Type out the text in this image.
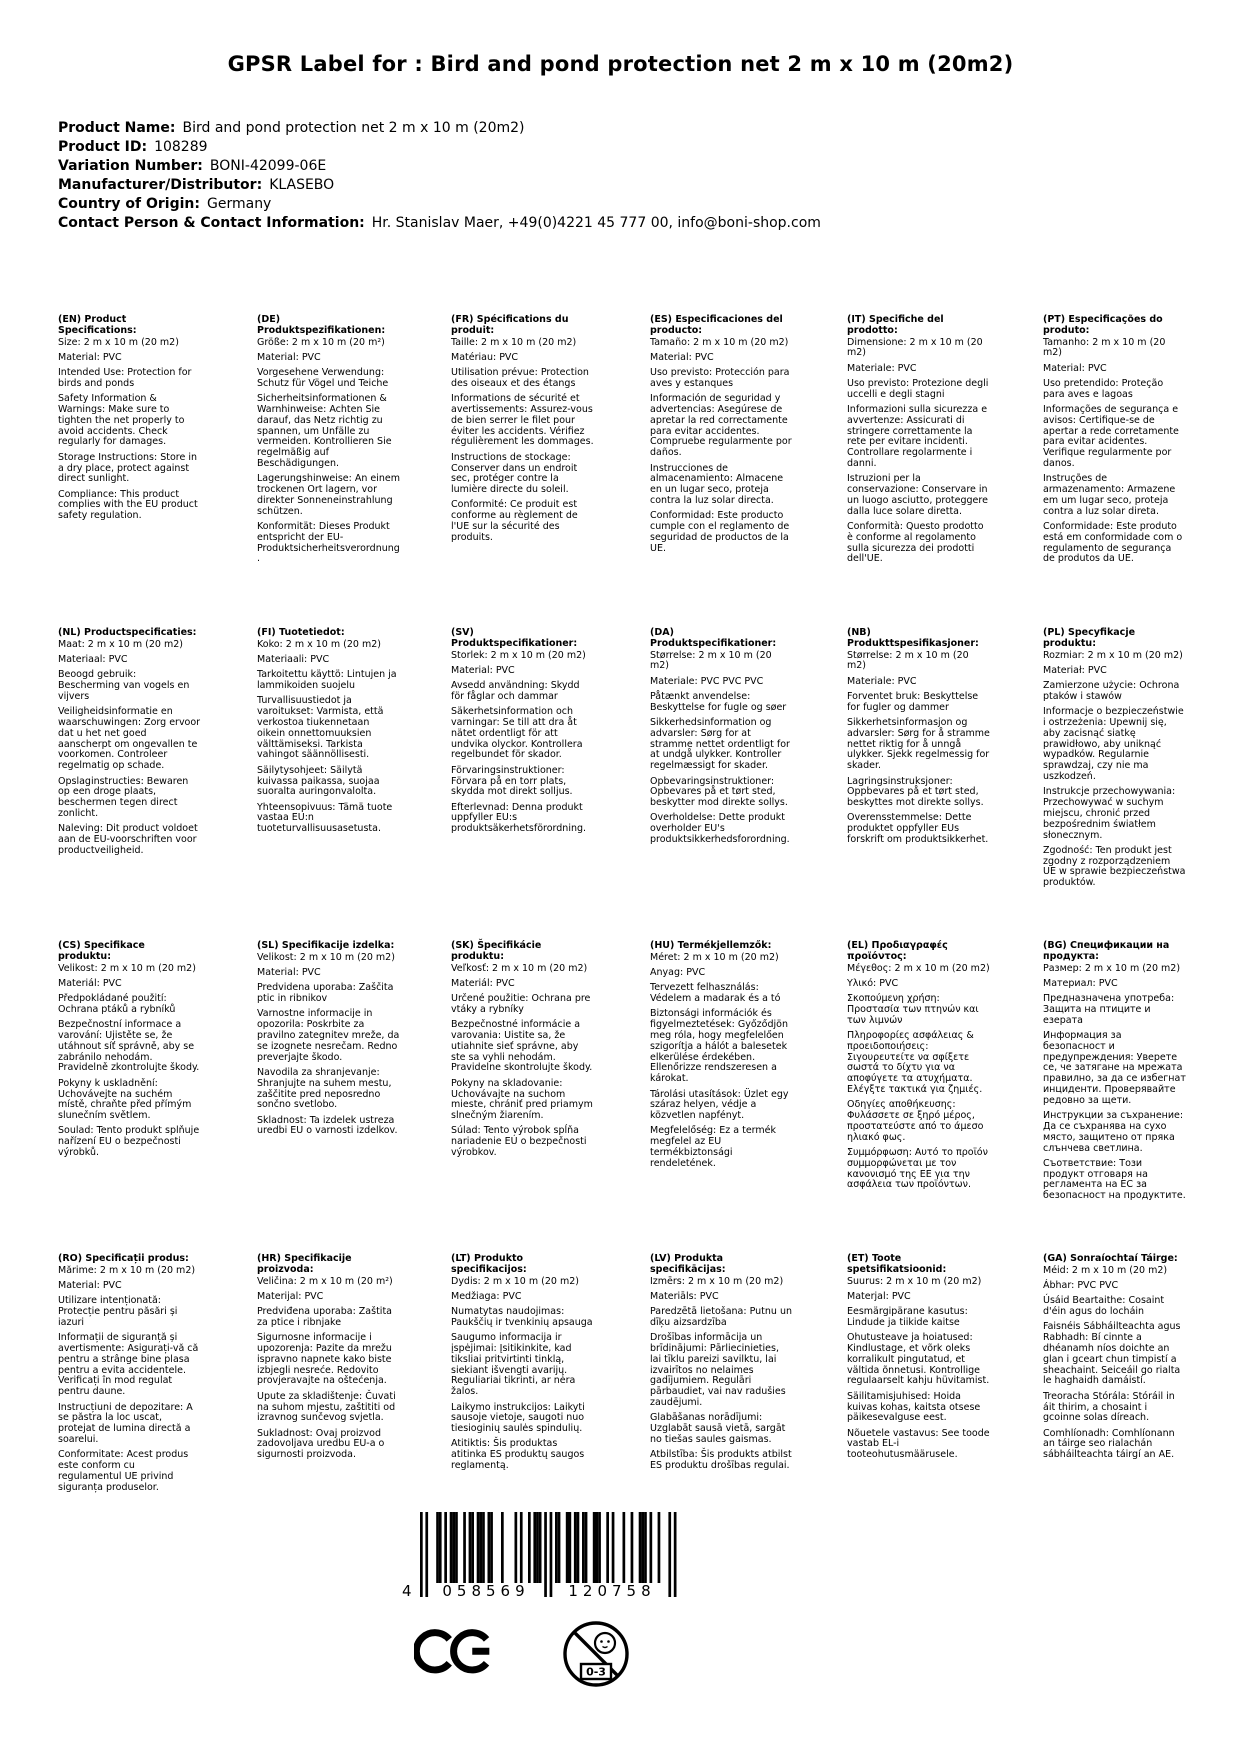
GPSR Label for : Bird and pond protection net 2 m x 10 m (20m2)
Product Name: Bird and pond protection net 2 m x 10 m (20m2)
Product ID: 108289
Variation Number: BONI-42099-06E
Manufacturer/Distributor: KLASEBO
Country of Origin: Germany
Contact Person & Contact Information: Hr. Stanislav Maer, +49(0)4221 45 777 00, info@boni-shop.com
(EN) Product Specifications:

Size: 2 m x 10 m (20 m2)

Material: PVC

Intended Use: Protection for birds and ponds

Safety Information & Warnings: Make sure to tighten the net properly to avoid accidents. Check regularly for damages.

Storage Instructions: Store in a dry place, protect against direct sunlight.

Compliance: This product complies with the EU product safety regulation.

(DE) Produktspezifikationen:

Größe: 2 m x 10 m (20 m²)

Material: PVC

Vorgesehene Verwendung: Schutz für Vögel und Teiche

Sicherheitsinformationen & Warnhinweise: Achten Sie darauf, das Netz richtig zu spannen, um Unfälle zu vermeiden. Kontrollieren Sie regelmäßig auf Beschädigungen.

Lagerungshinweise: An einem trockenen Ort lagern, vor direkter Sonneneinstrahlung schützen.

Konformität: Dieses Produkt entspricht der EU-Produktsicherheitsverordnung.

(FR) Spécifications du produit:

Taille: 2 m x 10 m (20 m2)

Matériau: PVC

Utilisation prévue: Protection des oiseaux et des étangs

Informations de sécurité et avertissements: Assurez-vous de bien serrer le filet pour éviter les accidents. Vérifiez régulièrement les dommages.

Instructions de stockage: Conserver dans un endroit sec, protéger contre la lumière directe du soleil.

Conformité: Ce produit est conforme au règlement de l'UE sur la sécurité des produits.

(ES) Especificaciones del producto:

Tamaño: 2 m x 10 m (20 m2)

Material: PVC

Uso previsto: Protección para aves y estanques

Información de seguridad y advertencias: Asegúrese de apretar la red correctamente para evitar accidentes. Compruebe regularmente por daños.

Instrucciones de almacenamiento: Almacene en un lugar seco, proteja contra la luz solar directa.

Conformidad: Este producto cumple con el reglamento de seguridad de productos de la UE.

(IT) Specifiche del prodotto:

Dimensione: 2 m x 10 m (20 m2)

Materiale: PVC

Uso previsto: Protezione degli uccelli e degli stagni

Informazioni sulla sicurezza e avvertenze: Assicurati di stringere correttamente la rete per evitare incidenti. Controllare regolarmente i danni.

Istruzioni per la conservazione: Conservare in un luogo asciutto, proteggere dalla luce solare diretta.

Conformità: Questo prodotto è conforme al regolamento sulla sicurezza dei prodotti dell'UE.

(PT) Especificações do produto:

Tamanho: 2 m x 10 m (20 m2)

Material: PVC

Uso pretendido: Proteção para aves e lagoas

Informações de segurança e avisos: Certifique-se de apertar a rede corretamente para evitar acidentes. Verifique regularmente por danos.

Instruções de armazenamento: Armazene em um lugar seco, proteja contra a luz solar direta.

Conformidade: Este produto está em conformidade com o regulamento de segurança de produtos da UE.

(NL) Productspecificaties:

Maat: 2 m x 10 m (20 m2)

Materiaal: PVC

Beoogd gebruik: Bescherming van vogels en vijvers

Veiligheidsinformatie en waarschuwingen: Zorg ervoor dat u het net goed aanscherpt om ongevallen te voorkomen. Controleer regelmatig op schade.

Opslaginstructies: Bewaren op een droge plaats, beschermen tegen direct zonlicht.

Naleving: Dit product voldoet aan de EU-voorschriften voor productveiligheid.

(FI) Tuotetiedot:

Koko: 2 m x 10 m (20 m2)

Materiaali: PVC

Tarkoitettu käyttö: Lintujen ja lammikoiden suojelu

Turvallisuustiedot ja varoitukset: Varmista, että verkostoa tiukennetaan oikein onnettomuuksien välttämiseksi. Tarkista vahingot säännöllisesti.

Säilytysohjeet: Säilytä kuivassa paikassa, suojaa suoralta auringonvalolta.

Yhteensopivuus: Tämä tuote vastaa EU:n tuoteturvallisuusasetusta.

(SV) Produktspecifikationer:

Storlek: 2 m x 10 m (20 m2)

Material: PVC

Avsedd användning: Skydd för fåglar och dammar

Säkerhetsinformation och varningar: Se till att dra åt nätet ordentligt för att undvika olyckor. Kontrollera regelbundet för skador.

Förvaringsinstruktioner: Förvara på en torr plats, skydda mot direkt solljus.

Efterlevnad: Denna produkt uppfyller EU:s produktsäkerhetsförordning.

(DA) Produktspecifikationer:

Størrelse: 2 m x 10 m (20 m2)

Materiale: PVC PVC PVC

Påtænkt anvendelse: Beskyttelse for fugle og søer

Sikkerhedsinformation og advarsler: Sørg for at stramme nettet ordentligt for at undgå ulykker. Kontroller regelmæssigt for skader.

Opbevaringsinstruktioner: Opbevares på et tørt sted, beskytter mod direkte sollys.

Overholdelse: Dette produkt overholder EU's produktsikkerhedsforordning.

(NB) Produkttspesifikasjoner:

Størrelse: 2 m x 10 m (20 m2)

Materiale: PVC

Forventet bruk: Beskyttelse for fugler og dammer

Sikkerhetsinformasjon og advarsler: Sørg for å stramme nettet riktig for å unngå ulykker. Sjekk regelmessig for skader.

Lagringsinstruksjoner: Oppbevares på et tørt sted, beskyttes mot direkte sollys.

Overensstemmelse: Dette produktet oppfyller EUs forskrift om produktsikkerhet.

(PL) Specyfikacje produktu:

Rozmiar: 2 m x 10 m (20 m2)

Materiał: PVC

Zamierzone użycie: Ochrona ptaków i stawów

Informacje o bezpieczeństwie i ostrzeżenia: Upewnij się, aby zacisnąć siatkę prawidłowo, aby uniknąć wypadków. Regularnie sprawdzaj, czy nie ma uszkodzeń.

Instrukcje przechowywania: Przechowywać w suchym miejscu, chronić przed bezpośrednim światłem słonecznym.

Zgodność: Ten produkt jest zgodny z rozporządzeniem UE w sprawie bezpieczeństwa produktów.

(CS) Specifikace produktu:

Velikost: 2 m x 10 m (20 m2)

Materiál: PVC

Předpokládané použití: Ochrana ptáků a rybníků

Bezpečnostní informace a varování: Ujistěte se, že utáhnout síť správně, aby se zabránilo nehodám. Pravidelně zkontrolujte škody.

Pokyny k uskladnění: Uchovávejte na suchém místě, chraňte před přímým slunečním světlem.

Soulad: Tento produkt splňuje nařízení EU o bezpečnosti výrobků.

(SL) Specifikacije izdelka:

Velikost: 2 m x 10 m (20 m2)

Material: PVC

Predvidena uporaba: Zaščita ptic in ribnikov

Varnostne informacije in opozorila: Poskrbite za pravilno zategnitev mreže, da se izognete nesrečam. Redno preverjajte škodo.

Navodila za shranjevanje: Shranjujte na suhem mestu, zaščitite pred neposredno sončno svetlobo.

Skladnost: Ta izdelek ustreza uredbi EU o varnosti izdelkov.

(SK) Špecifikácie produktu:

Veľkosť: 2 m x 10 m (20 m2)

Materiál: PVC

Určené použitie: Ochrana pre vtáky a rybníky

Bezpečnostné informácie a varovania: Uistite sa, že utiahnite sieť správne, aby ste sa vyhli nehodám. Pravidelne skontrolujte škody.

Pokyny na skladovanie: Uchovávajte na suchom mieste, chrániť pred priamym slnečným žiarením.

Súlad: Tento výrobok spĺňa nariadenie EÚ o bezpečnosti výrobkov.

(HU) Termékjellemzők:

Méret: 2 m x 10 m (20 m2)

Anyag: PVC

Tervezett felhasználás: Védelem a madarak és a tó

Biztonsági információk és figyelmeztetések: Győződjön meg róla, hogy megfelelően szigorítja a hálót a balesetek elkerülése érdekében. Ellenőrizze rendszeresen a károkat.

Tárolási utasítások: Üzlet egy száraz helyen, védje a közvetlen napfényt.

Megfelelőség: Ez a termék megfelel az EU termékbiztonsági rendeletének.

(EL) Προδιαγραφές προϊόντος:

Μέγεθος: 2 m x 10 m (20 m2)

Υλικό: PVC

Σκοπούμενη χρήση: Προστασία των πτηνών και των λιμνών

Πληροφορίες ασφάλειας & προειδοποιήσεις: Σιγουρευτείτε να σφίξετε σωστά το δίχτυ για να αποφύγετε τα ατυχήματα. Ελέγξτε τακτικά για ζημιές.

Οδηγίες αποθήκευσης: Φυλάσσετε σε ξηρό μέρος, προστατεύστε από το άμεσο ηλιακό φως.

Συμμόρφωση: Αυτό το προϊόν συμμορφώνεται με τον κανονισμό της ΕΕ για την ασφάλεια των προϊόντων.

(BG) Спецификации на продукта:

Размер: 2 m x 10 m (20 m2)

Материал: PVC

Предназначена употреба: Защита на птиците и езерата

Информация за безопасност и предупреждения: Уверете се, че затягане на мрежата правилно, за да се избегнат инциденти. Проверявайте редовно за щети.

Инструкции за съхранение: Да се съхранява на сухо място, защитено от пряка слънчева светлина.

Съответствие: Този продукт отговаря на регламента на ЕС за безопасност на продуктите.

(RO) Specificații produs:

Mărime: 2 m x 10 m (20 m2)

Material: PVC

Utilizare intenționată: Protecție pentru păsări și iazuri

Informații de siguranță și avertismente: Asigurați-vă că pentru a strânge bine plasa pentru a evita accidentele. Verificați în mod regulat pentru daune.

Instrucțiuni de depozitare: A se păstra la loc uscat, protejat de lumina directă a soarelui.

Conformitate: Acest produs este conform cu regulamentul UE privind siguranța produselor.

(HR) Specifikacije proizvoda:

Veličina: 2 m x 10 m (20 m²)

Materijal: PVC

Predviđena uporaba: Zaštita za ptice i ribnjake

Sigurnosne informacije i upozorenja: Pazite da mrežu ispravno napnete kako biste izbjegli nesreće. Redovito provjeravajte na oštećenja.

Upute za skladištenje: Čuvati na suhom mjestu, zaštititi od izravnog sunčevog svjetla.

Sukladnost: Ovaj proizvod zadovoljava uredbu EU-a o sigurnosti proizvoda.

(LT) Produkto specifikacijos:

Dydis: 2 m x 10 m (20 m2)

Medžiaga: PVC

Numatytas naudojimas: Paukščių ir tvenkinių apsauga

Saugumo informacija ir įspėjimai: Įsitikinkite, kad tiksliai pritvirtinti tinklą, siekiant išvengti avarijų. Reguliariai tikrinti, ar nėra žalos.

Laikymo instrukcijos: Laikyti sausoje vietoje, saugoti nuo tiesioginių saulės spindulių.

Atitiktis: Šis produktas atitinka ES produktų saugos reglamentą.

(LV) Produkta specifikācijas:

Izmērs: 2 m x 10 m (20 m2)

Materiāls: PVC

Paredzētā lietošana: Putnu un dīķu aizsardzība

Drošības informācija un brīdinājumi: Pārliecinieties, lai tīklu pareizi savilktu, lai izvairītos no nelaimes gadījumiem. Regulāri pārbaudiet, vai nav radušies zaudējumi.

Glabāšanas norādījumi: Uzglabāt sausā vietā, sargāt no tiešas saules gaismas.

Atbilstība: Šis produkts atbilst ES produktu drošības regulai.

(ET) Toote spetsifikatsioonid:

Suurus: 2 m x 10 m (20 m2)

Materjal: PVC

Eesmärgipärane kasutus: Lindude ja tiikide kaitse

Ohutusteave ja hoiatused: Kindlustage, et võrk oleks korralikult pingutatud, et vältida õnnetusi. Kontrollige regulaarselt kahju hüvitamist.

Säilitamisjuhised: Hoida kuivas kohas, kaitsta otsese päikesevalguse eest.

Nõuetele vastavus: See toode vastab EL-i tooteohutusmäärusele.

(GA) Sonraíochtaí Táirge:

Méid: 2 m x 10 m (20 m2)

Ábhar: PVC PVC

Úsáid Beartaithe: Cosaint d'éin agus do locháin

Faisnéis Sábháilteachta agus Rabhadh: Bí cinnte a dhéanamh níos doichte an glan i gceart chun timpistí a sheachaint. Seiceáil go rialta le haghaidh damáistí.

Treoracha Stórála: Stóráil in áit thirim, a chosaint i gcoinne solas díreach.

Comhlíonadh: Comhlíonann an táirge seo rialachán sábháilteachta táirgí an AE.

4	058569	120758
0-3
